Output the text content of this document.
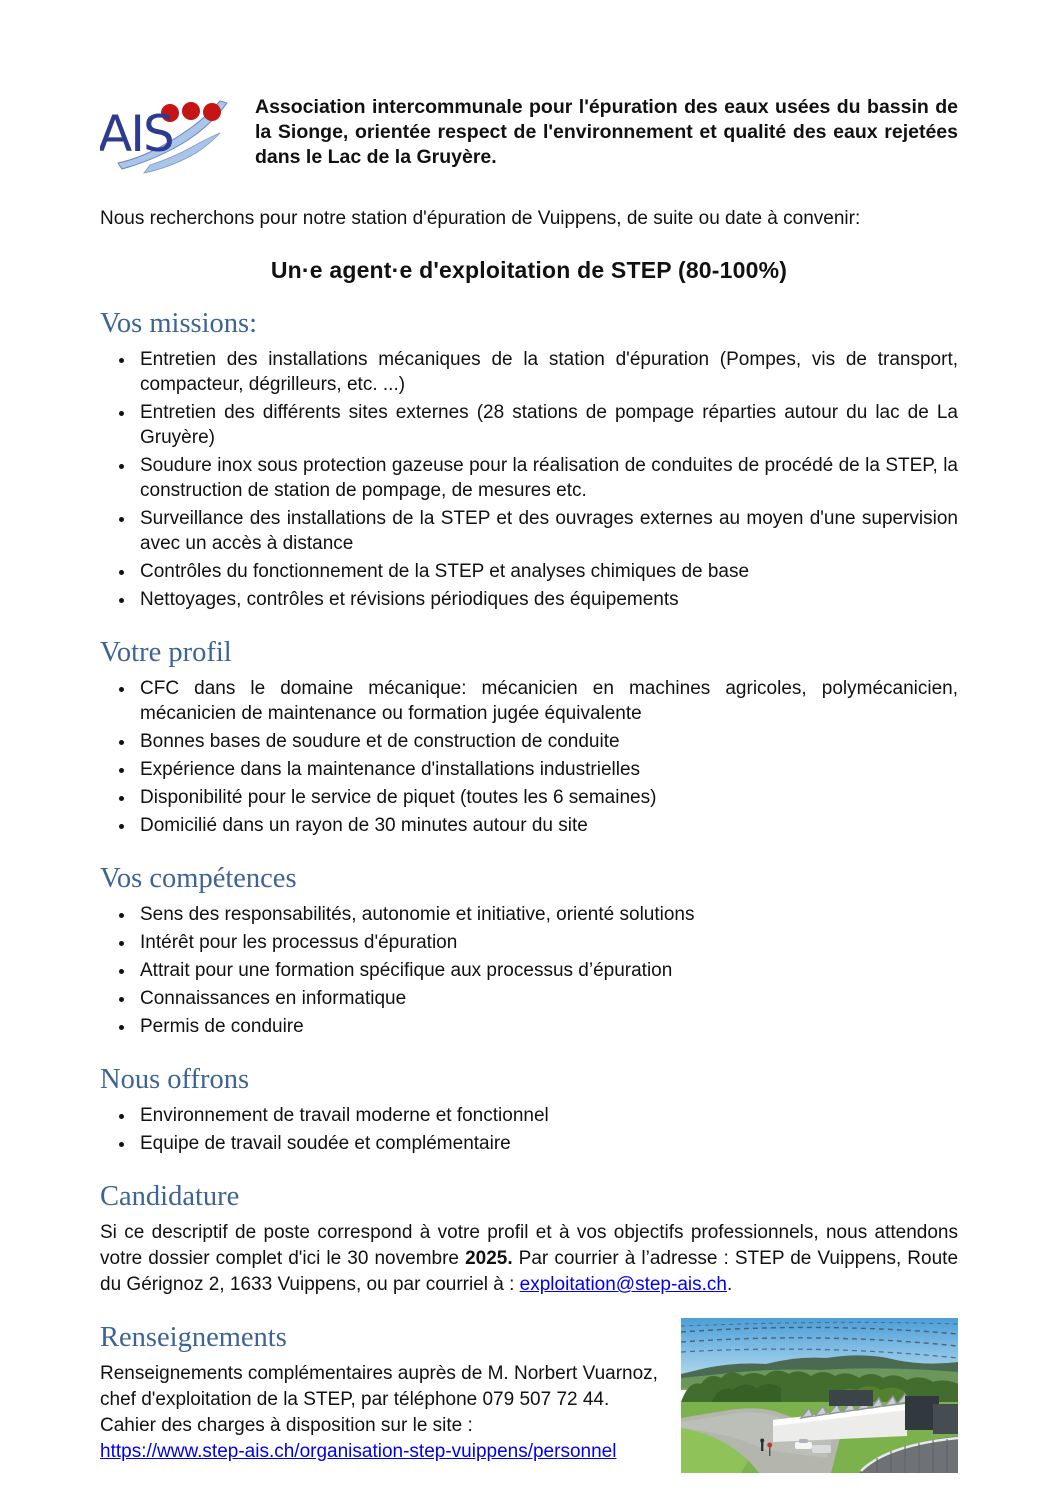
AIS	Association intercommunale pour l'épuration des eaux usées du bassin de la Sionge, orientée respect de l'environnement et qualité des eaux rejetées dans le Lac de la Gruyère.

Nous recherchons pour notre station d'épuration de Vuippens, de suite ou date à convenir:

Un·e agent·e d'exploitation de STEP (80-100%)

Vos missions:
• Entretien des installations mécaniques de la station d'épuration (Pompes, vis de transport, compacteur, dégrilleurs, etc. ...)
• Entretien des différents sites externes (28 stations de pompage réparties autour du lac de La Gruyère)
• Soudure inox sous protection gazeuse pour la réalisation de conduites de procédé de la STEP, la construction de station de pompage, de mesures etc.
• Surveillance des installations de la STEP et des ouvrages externes au moyen d'une supervision avec un accès à distance
• Contrôles du fonctionnement de la STEP et analyses chimiques de base
• Nettoyages, contrôles et révisions périodiques des équipements
Votre profil
• CFC dans le domaine mécanique: mécanicien en machines agricoles, polymécanicien, mécanicien de maintenance ou formation jugée équivalente
• Bonnes bases de soudure et de construction de conduite
• Expérience dans la maintenance d'installations industrielles
• Disponibilité pour le service de piquet (toutes les 6 semaines)
• Domicilié dans un rayon de 30 minutes autour du site
Vos compétences
• Sens des responsabilités, autonomie et initiative, orienté solutions
• Intérêt pour les processus d'épuration
• Attrait pour une formation spécifique aux processus d’épuration
• Connaissances en informatique
• Permis de conduire
Nous offrons
• Environnement de travail moderne et fonctionnel
• Equipe de travail soudée et complémentaire
Candidature

Si ce descriptif de poste correspond à votre profil et à vos objectifs professionnels, nous attendons votre dossier complet d'ici le 30 novembre 2025. Par courrier à l’adresse : STEP de Vuippens, Route du Gérignoz 2, 1633 Vuippens, ou par courriel à : exploitation@step-ais.ch.

Renseignements

Renseignements complémentaires auprès de M. Norbert Vuarnoz, chef d'exploitation de la STEP, par téléphone 079 507 72 44.

Cahier des charges à disposition sur le site :

https://www.step-ais.ch/organisation-step-vuippens/personnel
